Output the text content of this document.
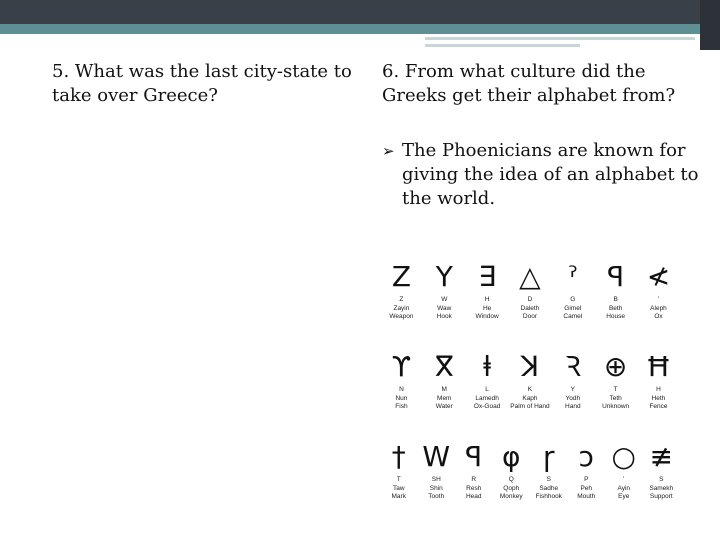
5. What was the last city-state to take over Greece?
6. From what culture did the Greeks get their alphabet from?
➢ The Phoenicians are known for giving the idea of an alphabet to the world.
Z
Z
Zayin
Weapon
Y
W
Waw
Hook
∃
H
He
Window
△
D
Daleth
Door
ˀ
G
Gimel
Camel
ꟼ
B
Beth
House
≮
'
Aleph
Ox
ϒ
N
Nun
Fish
ⴳ
M
Mem
Water
ⱡ
L
Lamedh
Ox-Goad
ꓘ
K
Kaph
Palm of Hand
Ꝛ
Y
Yodh
Hand
⊕
T
Teth
Unknown
Ħ
H
Heth
Fence
†
T
Taw
Mark
W
SH
Shin
Tooth
ꟼ
R
Resh
Head
φ
Q
Qoph
Monkey
ɼ
S
Sadhe
Fishhook
ↄ
P
Peh
Mouth
○
'
Ayin
Eye
≢
S
Samekh
Support
